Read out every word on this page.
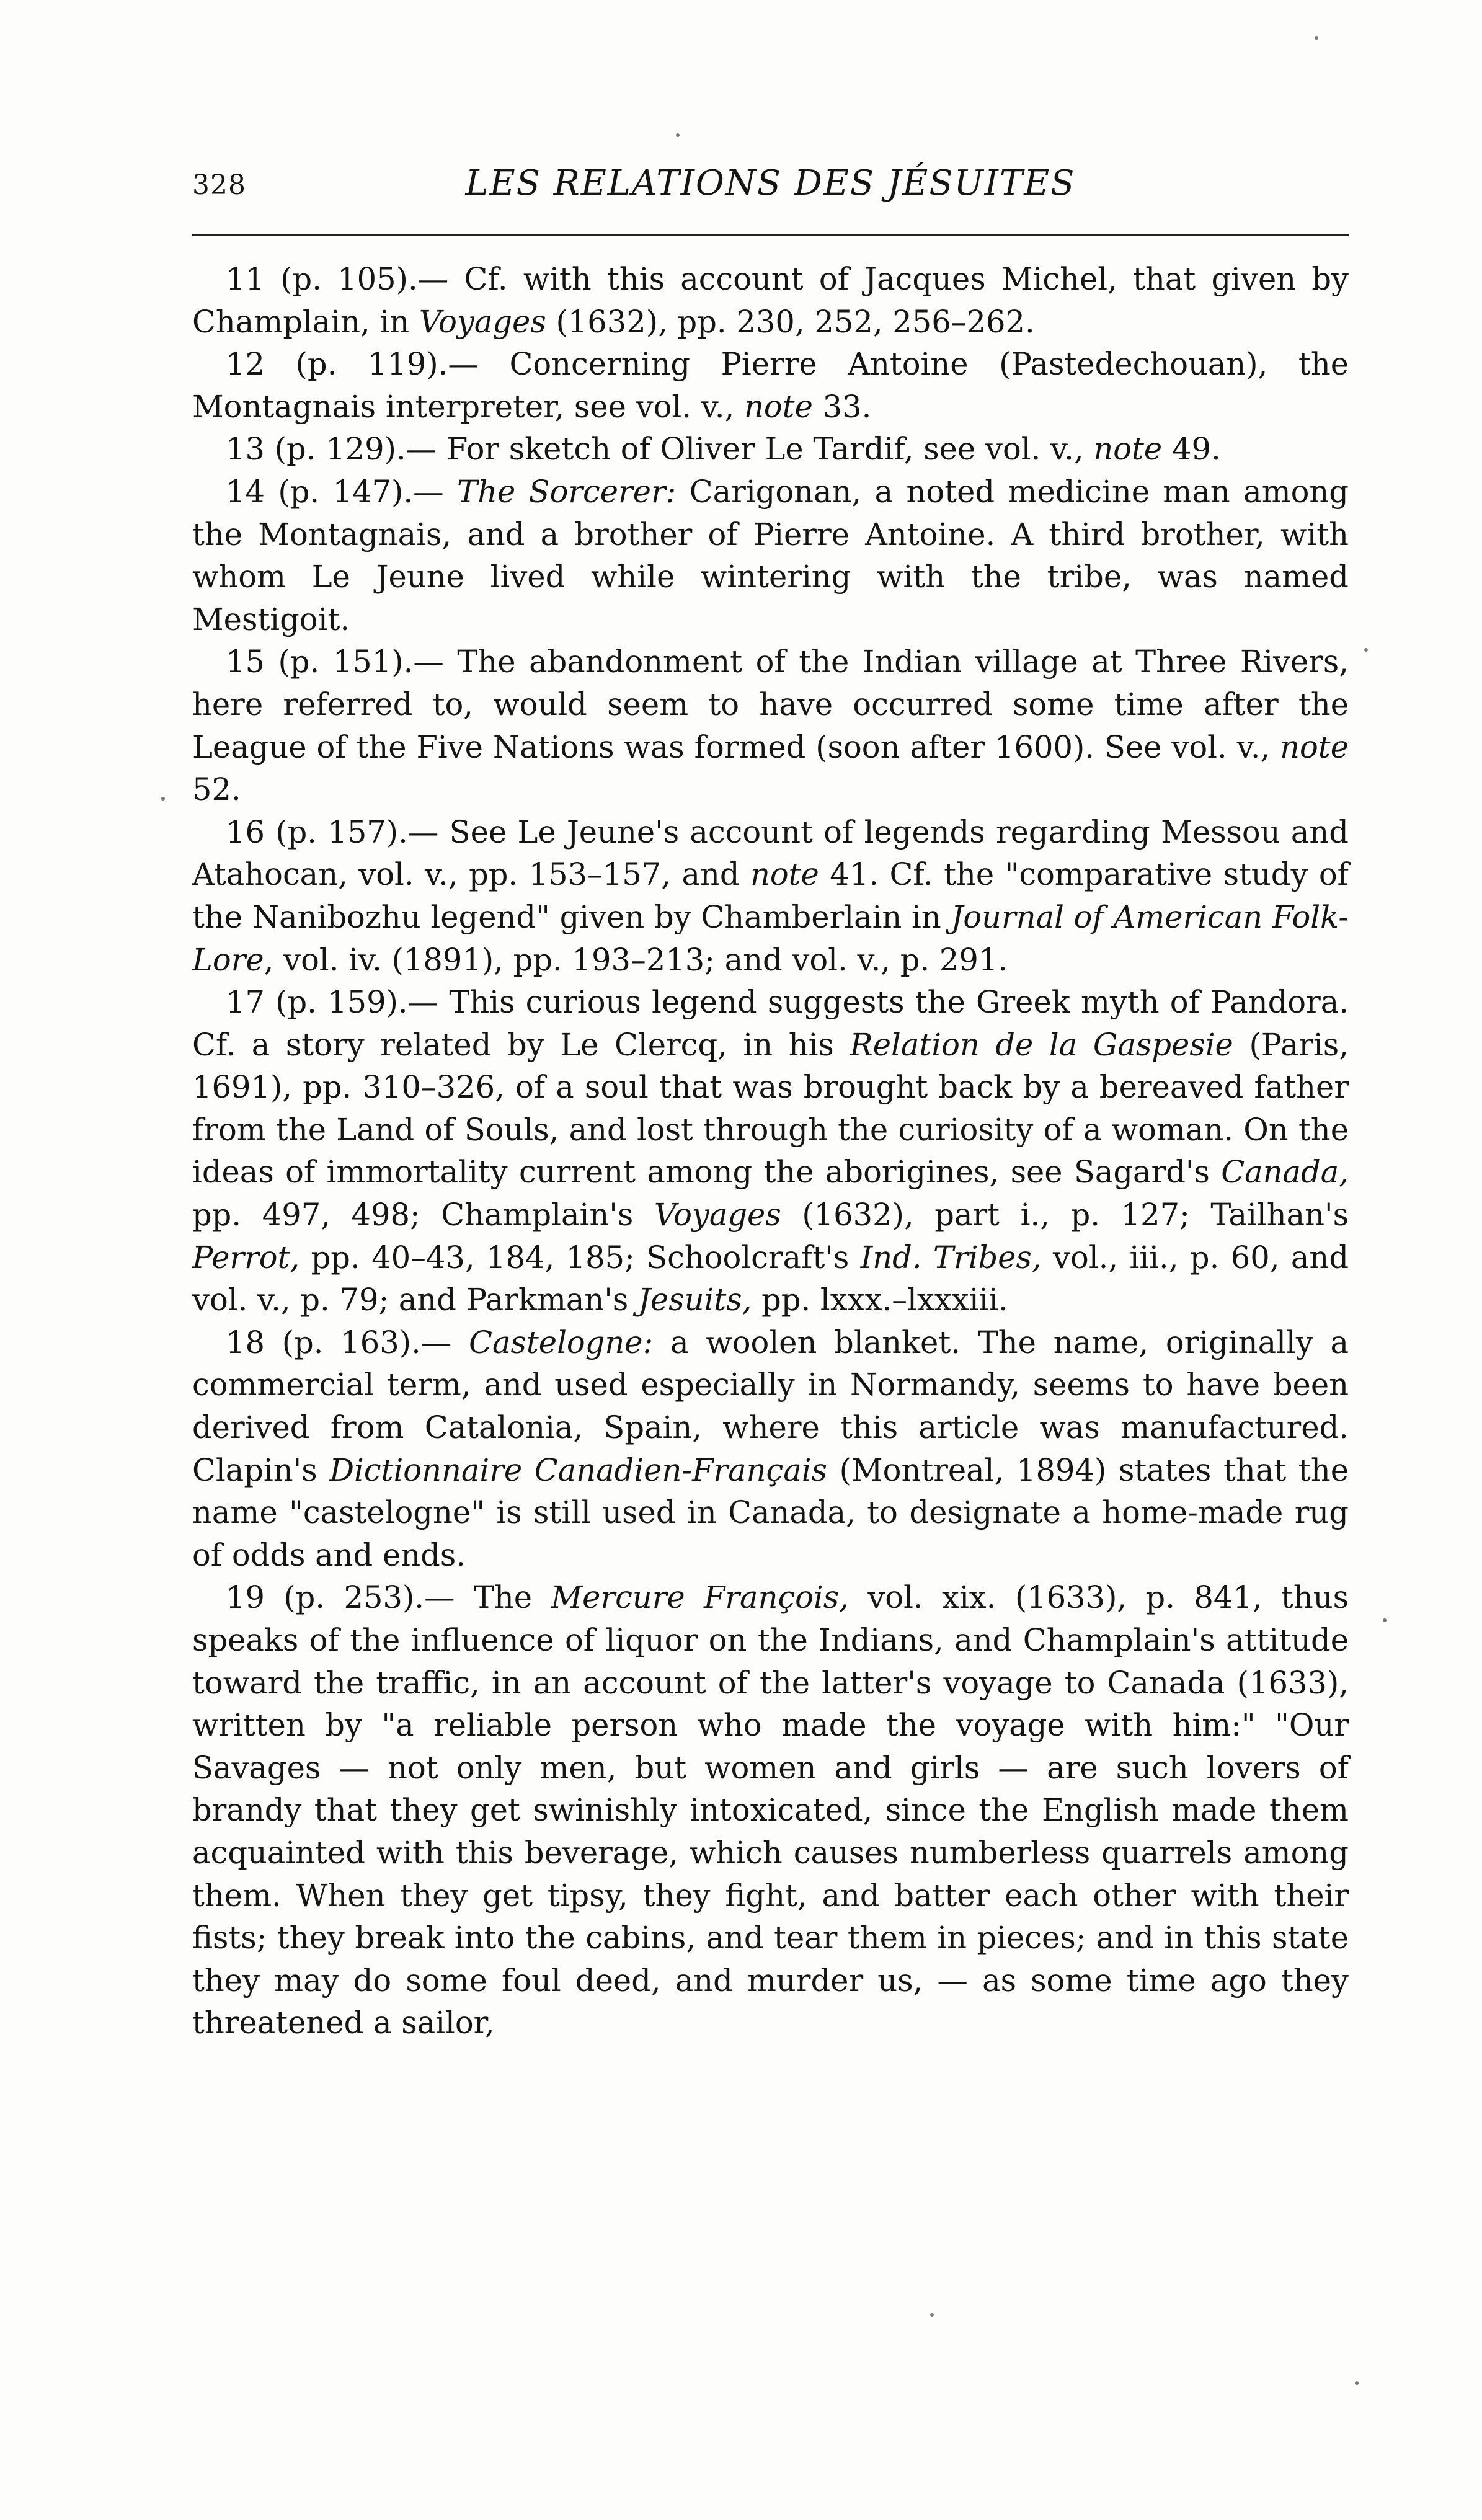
328	LES RELATIONS DES JÉSUITES

11 (p. 105).— Cf. with this account of Jacques Michel, that given by Champlain, in Voyages (1632), pp. 230, 252, 256–262.

12 (p. 119).— Concerning Pierre Antoine (Pastedechouan), the Montagnais interpreter, see vol. v., note 33.

13 (p. 129).— For sketch of Oliver Le Tardif, see vol. v., note 49.

14 (p. 147).— The Sorcerer: Carigonan, a noted medicine man among the Montagnais, and a brother of Pierre Antoine. A third brother, with whom Le Jeune lived while wintering with the tribe, was named Mestigoit.

15 (p. 151).— The abandonment of the Indian village at Three Rivers, here referred to, would seem to have occurred some time after the League of the Five Nations was formed (soon after 1600). See vol. v., note 52.

16 (p. 157).— See Le Jeune's account of legends regarding Messou and Atahocan, vol. v., pp. 153–157, and note 41. Cf. the "comparative study of the Nanibozhu legend" given by Chamberlain in Journal of American Folk-Lore, vol. iv. (1891), pp. 193–213; and vol. v., p. 291.

17 (p. 159).— This curious legend suggests the Greek myth of Pandora. Cf. a story related by Le Clercq, in his Relation de la Gaspesie (Paris, 1691), pp. 310–326, of a soul that was brought back by a bereaved father from the Land of Souls, and lost through the curiosity of a woman. On the ideas of immortality current among the aborigines, see Sagard's Canada, pp. 497, 498; Champlain's Voyages (1632), part i., p. 127; Tailhan's Perrot, pp. 40–43, 184, 185; Schoolcraft's Ind. Tribes, vol., iii., p. 60, and vol. v., p. 79; and Parkman's Jesuits, pp. lxxx.–lxxxiii.

18 (p. 163).— Castelogne: a woolen blanket. The name, originally a commercial term, and used especially in Normandy, seems to have been derived from Catalonia, Spain, where this article was manufactured. Clapin's Dictionnaire Canadien-Français (Montreal, 1894) states that the name "castelogne" is still used in Canada, to designate a home-made rug of odds and ends.

19 (p. 253).— The Mercure François, vol. xix. (1633), p. 841, thus speaks of the influence of liquor on the Indians, and Champlain's attitude toward the traffic, in an account of the latter's voyage to Canada (1633), written by "a reliable person who made the voyage with him:" "Our Savages — not only men, but women and girls — are such lovers of brandy that they get swinishly intoxicated, since the English made them acquainted with this beverage, which causes numberless quarrels among them. When they get tipsy, they fight, and batter each other with their fists; they break into the cabins, and tear them in pieces; and in this state they may do some foul deed, and murder us, — as some time ago they threatened a sailor,
